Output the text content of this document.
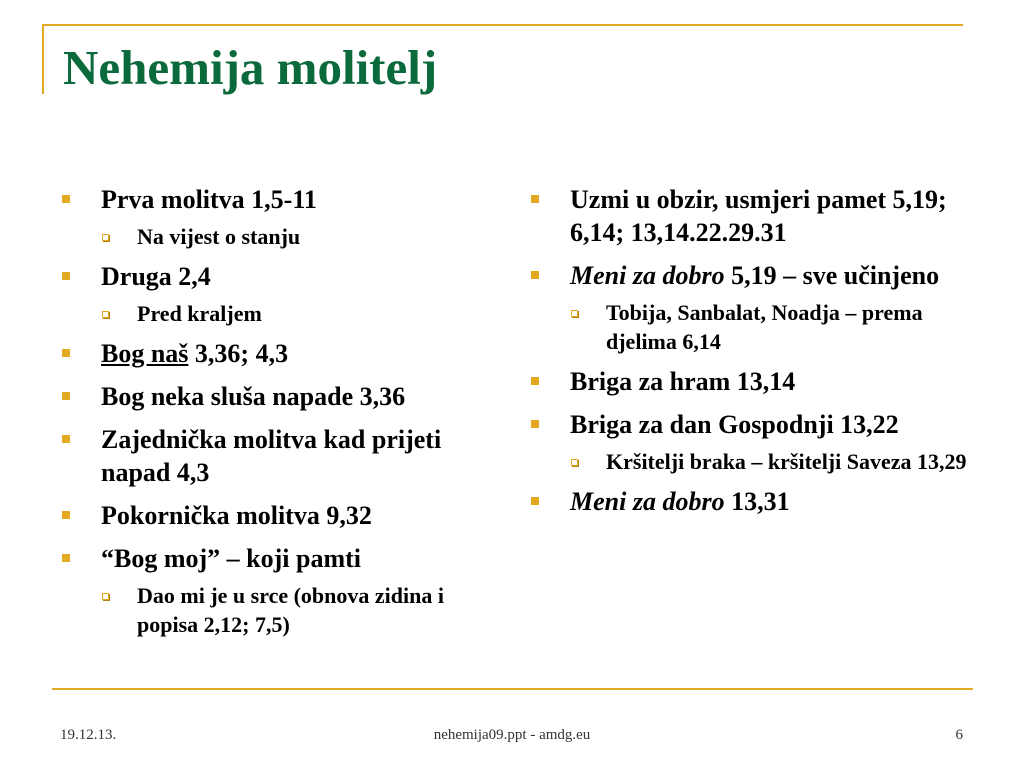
Nehemija molitelj
Prva molitva 1,5-11
Na vijest o stanju
Druga 2,4
Pred kraljem
Bog naš 3,36; 4,3
Bog neka sluša napade 3,36
Zajednička molitva kad prijeti napad 4,3
Pokornička molitva 9,32
“Bog moj” – koji pamti
Dao mi je u srce (obnova zidina i popisa 2,12; 7,5)
Uzmi u obzir, usmjeri pamet 5,19; 6,14; 13,14.22.29.31
Meni za dobro 5,19 – sve učinjeno
Tobija, Sanbalat, Noadja – prema djelima 6,14
Briga za hram 13,14
Briga za dan Gospodnji 13,22
Kršitelji braka – kršitelji Saveza 13,29
Meni za dobro 13,31
19.12.13.	nehemija09.ppt - amdg.eu	6
